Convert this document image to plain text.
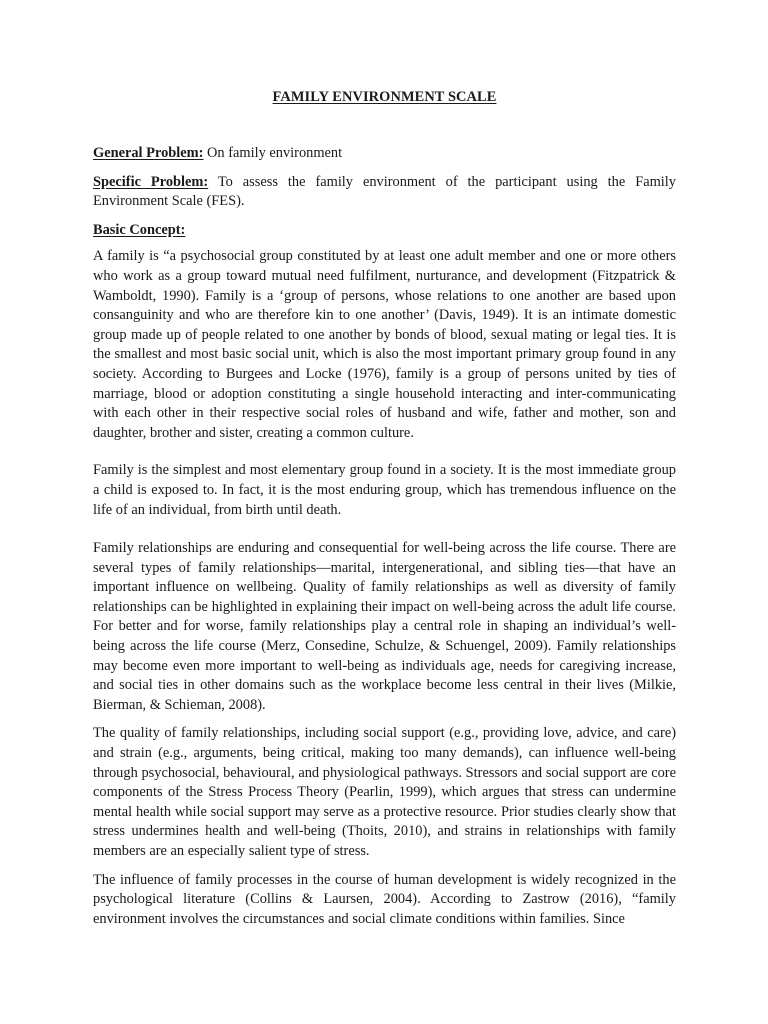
FAMILY ENVIRONMENT SCALE

General Problem: On family environment

Specific Problem: To assess the family environment of the participant using the Family Environment Scale (FES).

Basic Concept:

A family is “a psychosocial group constituted by at least one adult member and one or more others who work as a group toward mutual need fulfilment, nurturance, and development (Fitzpatrick & Wamboldt, 1990). Family is a ‘group of persons, whose relations to one another are based upon consanguinity and who are therefore kin to one another’ (Davis, 1949). It is an intimate domestic group made up of people related to one another by bonds of blood, sexual mating or legal ties. It is the smallest and most basic social unit, which is also the most important primary group found in any society. According to Burgees and Locke (1976), family is a group of persons united by ties of marriage, blood or adoption constituting a single household interacting and inter-communicating with each other in their respective social roles of husband and wife, father and mother, son and daughter, brother and sister, creating a common culture.

Family is the simplest and most elementary group found in a society. It is the most immediate group a child is exposed to. In fact, it is the most enduring group, which has tremendous influence on the life of an individual, from birth until death.

Family relationships are enduring and consequential for well-being across the life course. There are several types of family relationships—marital, intergenerational, and sibling ties—that have an important influence on wellbeing. Quality of family relationships as well as diversity of family relationships can be highlighted in explaining their impact on well-being across the adult life course. For better and for worse, family relationships play a central role in shaping an individual’s well-being across the life course (Merz, Consedine, Schulze, & Schuengel, 2009). Family relationships may become even more important to well-being as individuals age, needs for caregiving increase, and social ties in other domains such as the workplace become less central in their lives (Milkie, Bierman, & Schieman, 2008).

The quality of family relationships, including social support (e.g., providing love, advice, and care) and strain (e.g., arguments, being critical, making too many demands), can influence well-being through psychosocial, behavioural, and physiological pathways. Stressors and social support are core components of the Stress Process Theory (Pearlin, 1999), which argues that stress can undermine mental health while social support may serve as a protective resource. Prior studies clearly show that stress undermines health and well-being (Thoits, 2010), and strains in relationships with family members are an especially salient type of stress.

The influence of family processes in the course of human development is widely recognized in the psychological literature (Collins & Laursen, 2004). According to Zastrow (2016), “family environment involves the circumstances and social climate conditions within families. Since
